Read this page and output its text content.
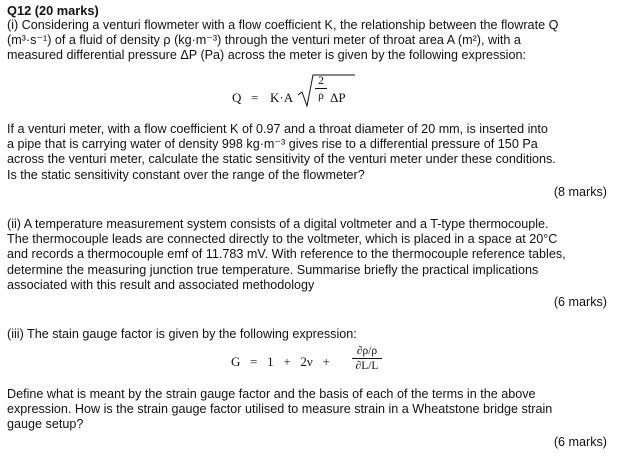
Q12 (20 marks)
(i) Considering a venturi flowmeter with a flow coefficient K, the relationship between the flowrate Q
(m³·s⁻¹) of a fluid of density ρ (kg·m⁻³) through the venturi meter of throat area A (m²), with a
measured differential pressure ΔP (Pa) across the meter is given by the following expression:
Q = K·A
2
ρ ΔP
If a venturi meter, with a flow coefficient K of 0.97 and a throat diameter of 20 mm, is inserted into
a pipe that is carrying water of density 998 kg·m⁻³ gives rise to a differential pressure of 150 Pa
across the venturi meter, calculate the static sensitivity of the venturi meter under these conditions.
Is the static sensitivity constant over the range of the flowmeter?
(8 marks)
(ii) A temperature measurement system consists of a digital voltmeter and a T-type thermocouple.
The thermocouple leads are connected directly to the voltmeter, which is placed in a space at 20°C
and records a thermocouple emf of 11.783 mV. With reference to the thermocouple reference tables,
determine the measuring junction true temperature. Summarise briefly the practical implications
associated with this result and associated methodology
(6 marks)
(iii) The stain gauge factor is given by the following expression:
G =   1   +   2ν   +
∂ρ/ρ
∂L/L
Define what is meant by the strain gauge factor and the basis of each of the terms in the above
expression. How is the strain gauge factor utilised to measure strain in a Wheatstone bridge strain
gauge setup?
(6 marks)
